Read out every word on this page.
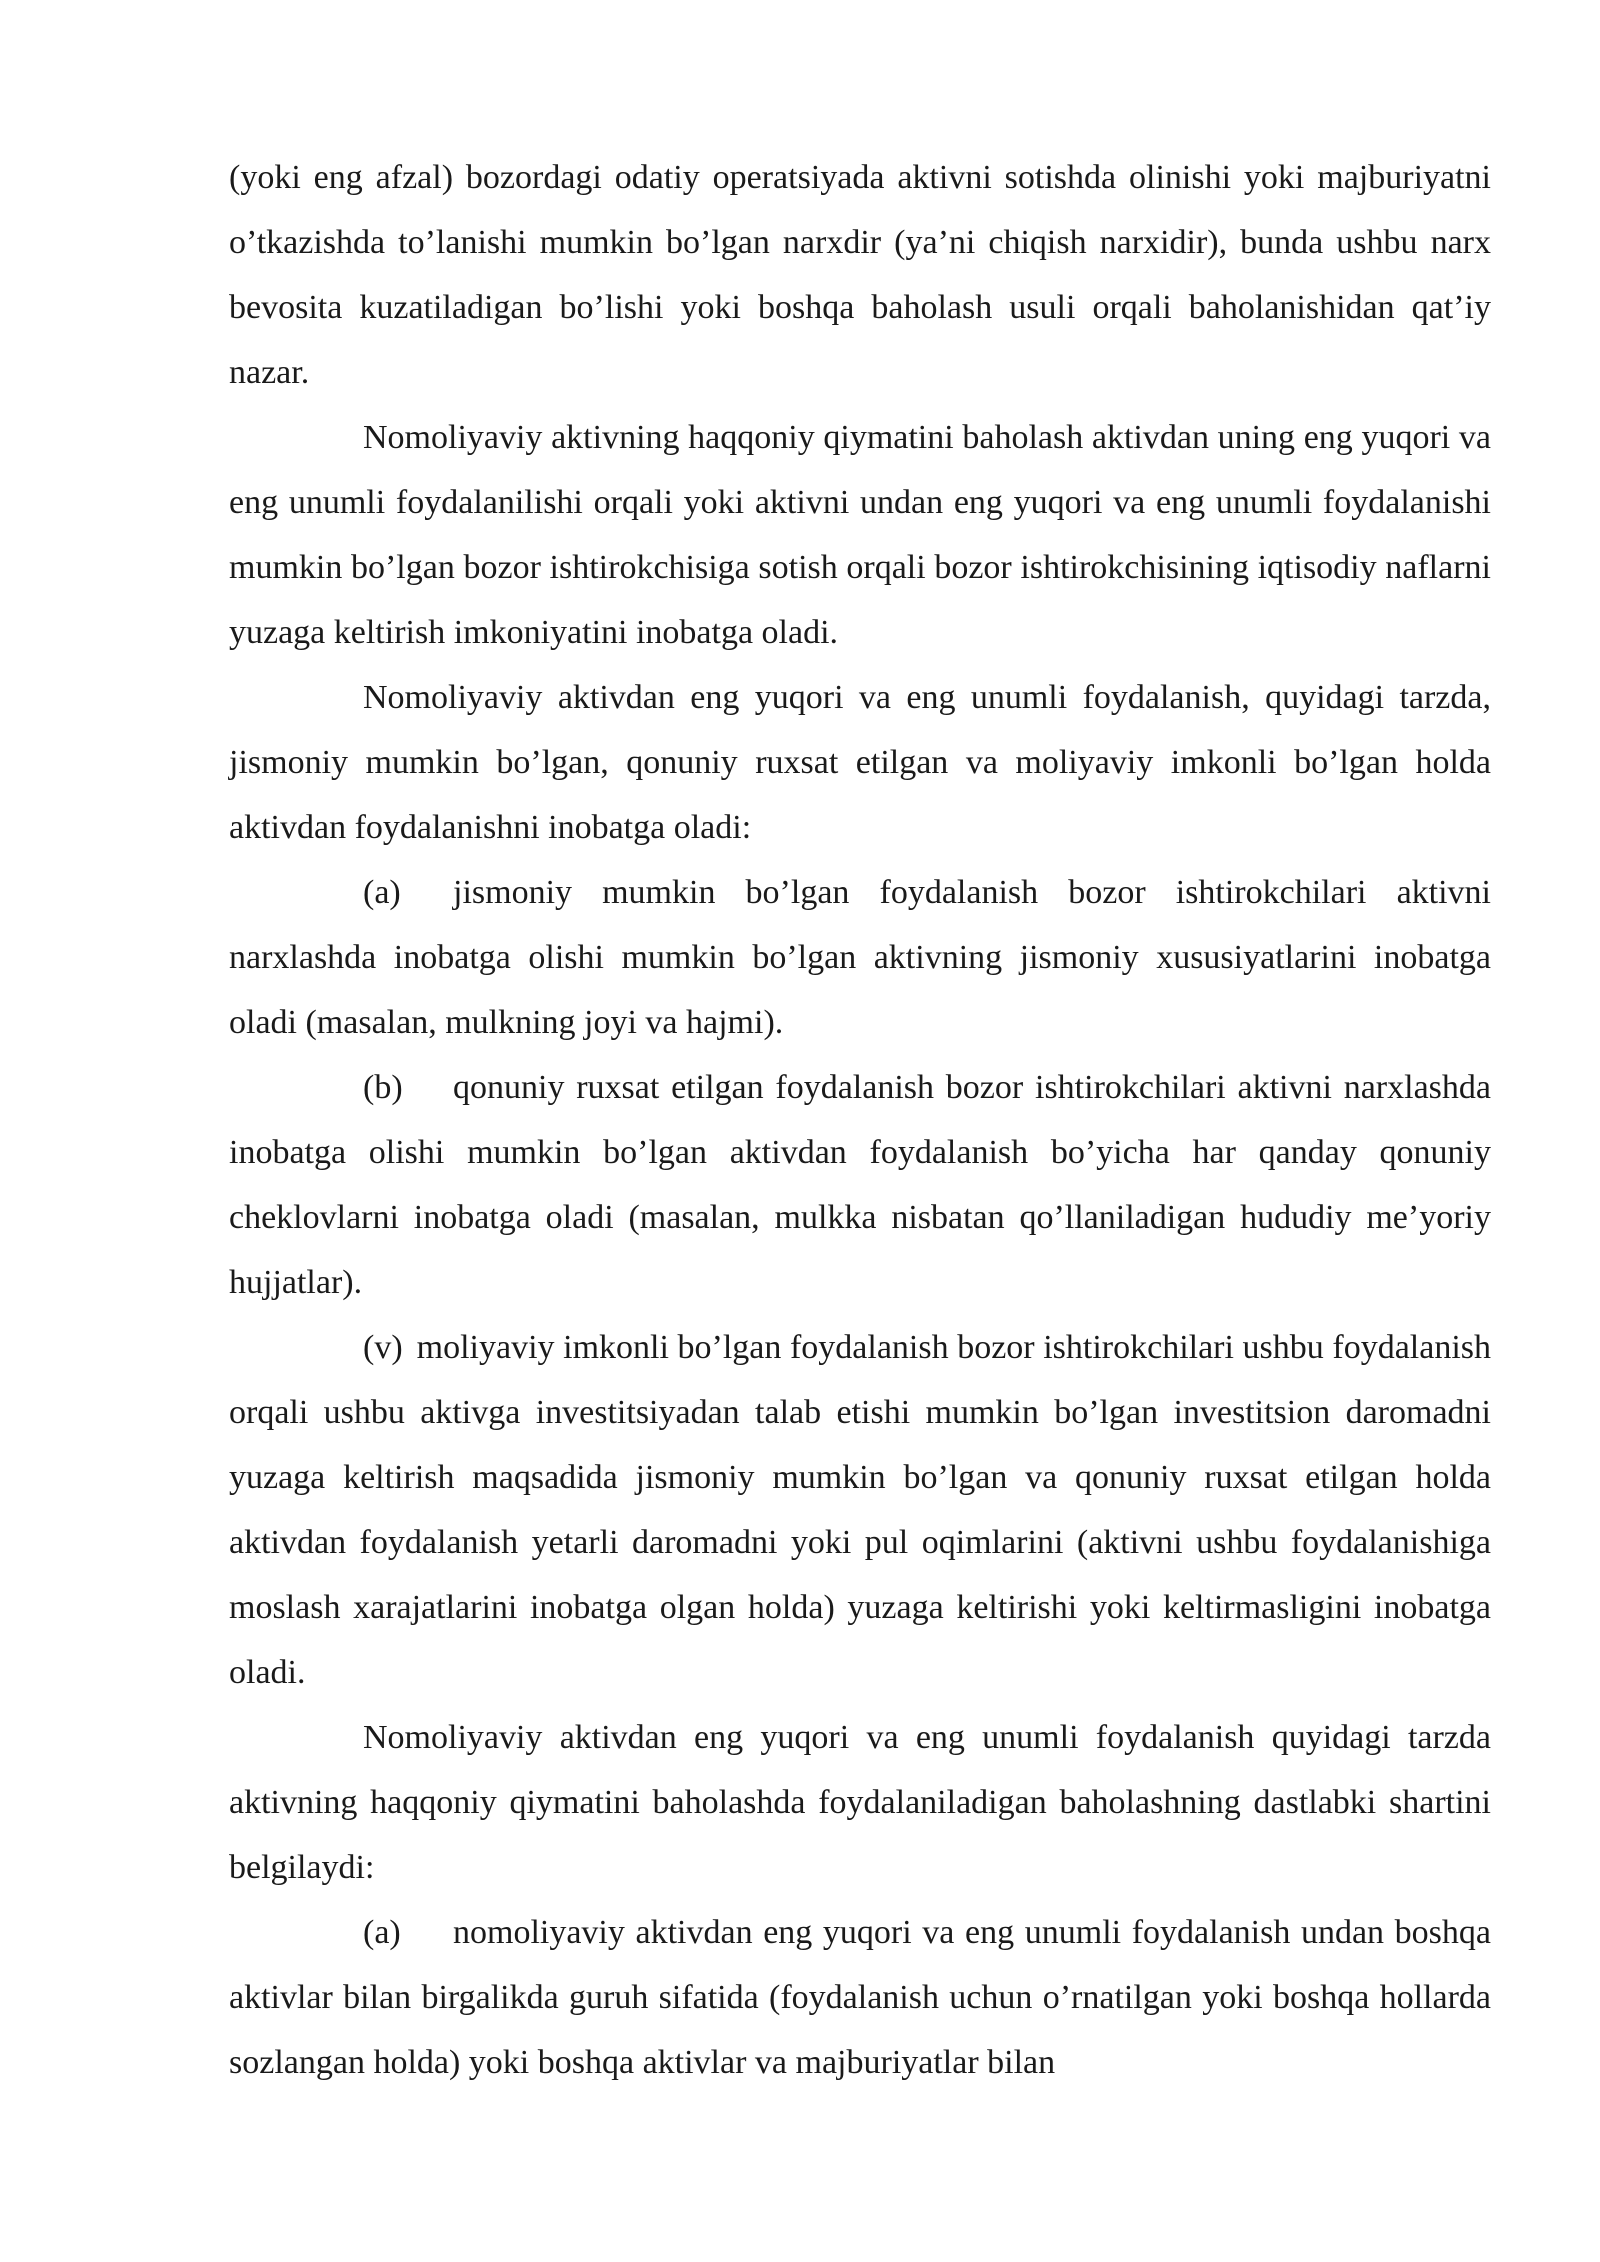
(yoki eng afzal) bozordagi odatiy operatsiyada aktivni sotishda olinishi yoki majburiyatni o’tkazishda to’lanishi mumkin bo’lgan narxdir (ya’ni chiqish narxidir), bunda ushbu narx bevosita kuzatiladigan bo’lishi yoki boshqa baholash usuli orqali baholanishidan qat’iy nazar.

Nomoliyaviy aktivning haqqoniy qiymatini baholash aktivdan uning eng yuqori va eng unumli foydalanilishi orqali yoki aktivni undan eng yuqori va eng unumli foydalanishi mumkin bo’lgan bozor ishtirokchisiga sotish orqali bozor ishtirokchisining iqtisodiy naflarni yuzaga keltirish imkoniyatini inobatga oladi.

Nomoliyaviy aktivdan eng yuqori va eng unumli foydalanish, quyidagi tarzda, jismoniy mumkin bo’lgan, qonuniy ruxsat etilgan va moliyaviy imkonli bo’lgan holda aktivdan foydalanishni inobatga oladi:

(a) jismoniy mumkin bo’lgan foydalanish bozor ishtirokchilari aktivni narxlashda inobatga olishi mumkin bo’lgan aktivning jismoniy xususiyatlarini inobatga oladi (masalan, mulkning joyi va hajmi).

(b) qonuniy ruxsat etilgan foydalanish bozor ishtirokchilari aktivni narxlashda inobatga olishi mumkin bo’lgan aktivdan foydalanish bo’yicha har qanday qonuniy cheklovlarni inobatga oladi (masalan, mulkka nisbatan qo’llaniladigan hududiy me’yoriy hujjatlar).

(v) moliyaviy imkonli bo’lgan foydalanish bozor ishtirokchilari ushbu foydalanish orqali ushbu aktivga investitsiyadan talab etishi mumkin bo’lgan investitsion daromadni yuzaga keltirish maqsadida jismoniy mumkin bo’lgan va qonuniy ruxsat etilgan holda aktivdan foydalanish yetarli daromadni yoki pul oqimlarini (aktivni ushbu foydalanishiga moslash xarajatlarini inobatga olgan holda) yuzaga keltirishi yoki keltirmasligini inobatga oladi.

Nomoliyaviy aktivdan eng yuqori va eng unumli foydalanish quyidagi tarzda aktivning haqqoniy qiymatini baholashda foydalaniladigan baholashning dastlabki shartini belgilaydi:

(a) nomoliyaviy aktivdan eng yuqori va eng unumli foydalanish undan boshqa aktivlar bilan birgalikda guruh sifatida (foydalanish uchun o’rnatilgan yoki boshqa hollarda sozlangan holda) yoki boshqa aktivlar va majburiyatlar bilan
